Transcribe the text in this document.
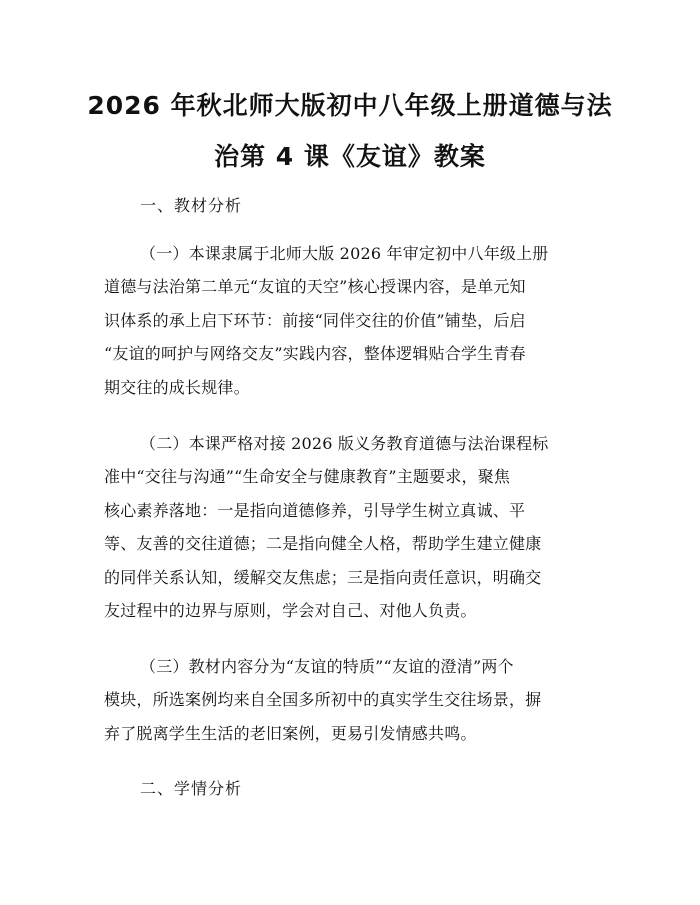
2026 年秋北师大版初中八年级上册道德与法
治第 4 课《友谊》教案
一、教材分析
（一）本课隶属于北师大版 2026 年审定初中八年级上册
道德与法治第二单元“友谊的天空”核心授课内容，是单元知
识体系的承上启下环节：前接“同伴交往的价值”铺垫，后启
“友谊的呵护与网络交友”实践内容，整体逻辑贴合学生青春
期交往的成长规律。
（二）本课严格对接 2026 版义务教育道德与法治课程标
准中“交往与沟通”“生命安全与健康教育”主题要求，聚焦
核心素养落地：一是指向道德修养，引导学生树立真诚、平
等、友善的交往道德；二是指向健全人格，帮助学生建立健康
的同伴关系认知，缓解交友焦虑；三是指向责任意识，明确交
友过程中的边界与原则，学会对自己、对他人负责。
（三）教材内容分为“友谊的特质”“友谊的澄清”两个
模块，所选案例均来自全国多所初中的真实学生交往场景，摒
弃了脱离学生生活的老旧案例，更易引发情感共鸣。
二、学情分析
